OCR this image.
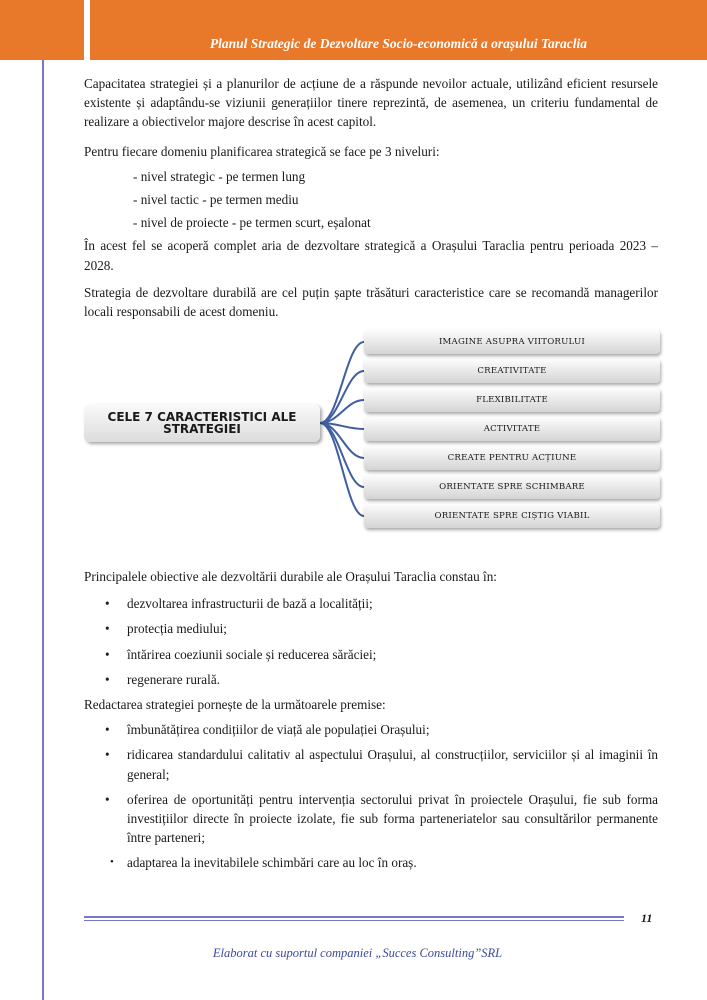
Planul Strategic de Dezvoltare Socio-economică a orașului Taraclia

Capacitatea strategiei și a planurilor de acțiune de a răspunde nevoilor actuale, utilizând eficient resursele existente și adaptându-se viziunii generațiilor tinere reprezintă, de asemenea, un criteriu fundamental de realizare a obiectivelor majore descrise în acest capitol.

Pentru fiecare domeniu planificarea strategică se face pe 3 niveluri:

- nivel strategic - pe termen lung

- nivel tactic - pe termen mediu

- nivel de proiecte - pe termen scurt, eșalonat

În acest fel se acoperă complet aria de dezvoltare strategică a Orașului Taraclia pentru perioada 2023 – 2028.

Strategia de dezvoltare durabilă are cel puțin șapte trăsături caracteristice care se recomandă managerilor locali responsabili de acest domeniu.

CELE 7 CARACTERISTICI ALE STRATEGIEI
IMAGINE ASUPRA VIITORULUI
CREATIVITATE
FLEXIBILITATE
ACTIVITATE
CREATE PENTRU ACȚIUNE
ORIENTATE SPRE SCHIMBARE
ORIENTATE SPRE CIȘTIG VIABIL

Principalele obiective ale dezvoltării durabile ale Orașului Taraclia constau în:

• dezvoltarea infrastructurii de bază a localității;
• protecția mediului;
• întărirea coeziunii sociale și reducerea sărăciei;
• regenerare rurală.

Redactarea strategiei pornește de la următoarele premise:

• îmbunătățirea condițiilor de viață ale populației Orașului;
• ridicarea standardului calitativ al aspectului Orașului, al construcțiilor, serviciilor și al imaginii în general;
• oferirea de oportunități pentru intervenția sectorului privat în proiectele Orașului, fie sub forma investițiilor directe în proiecte izolate, fie sub forma parteneriatelor sau consultărilor permanente între parteneri;
• adaptarea la inevitabilele schimbări care au loc în oraș.
11
Elaborat cu suportul companiei „Succes Consulting”SRL
